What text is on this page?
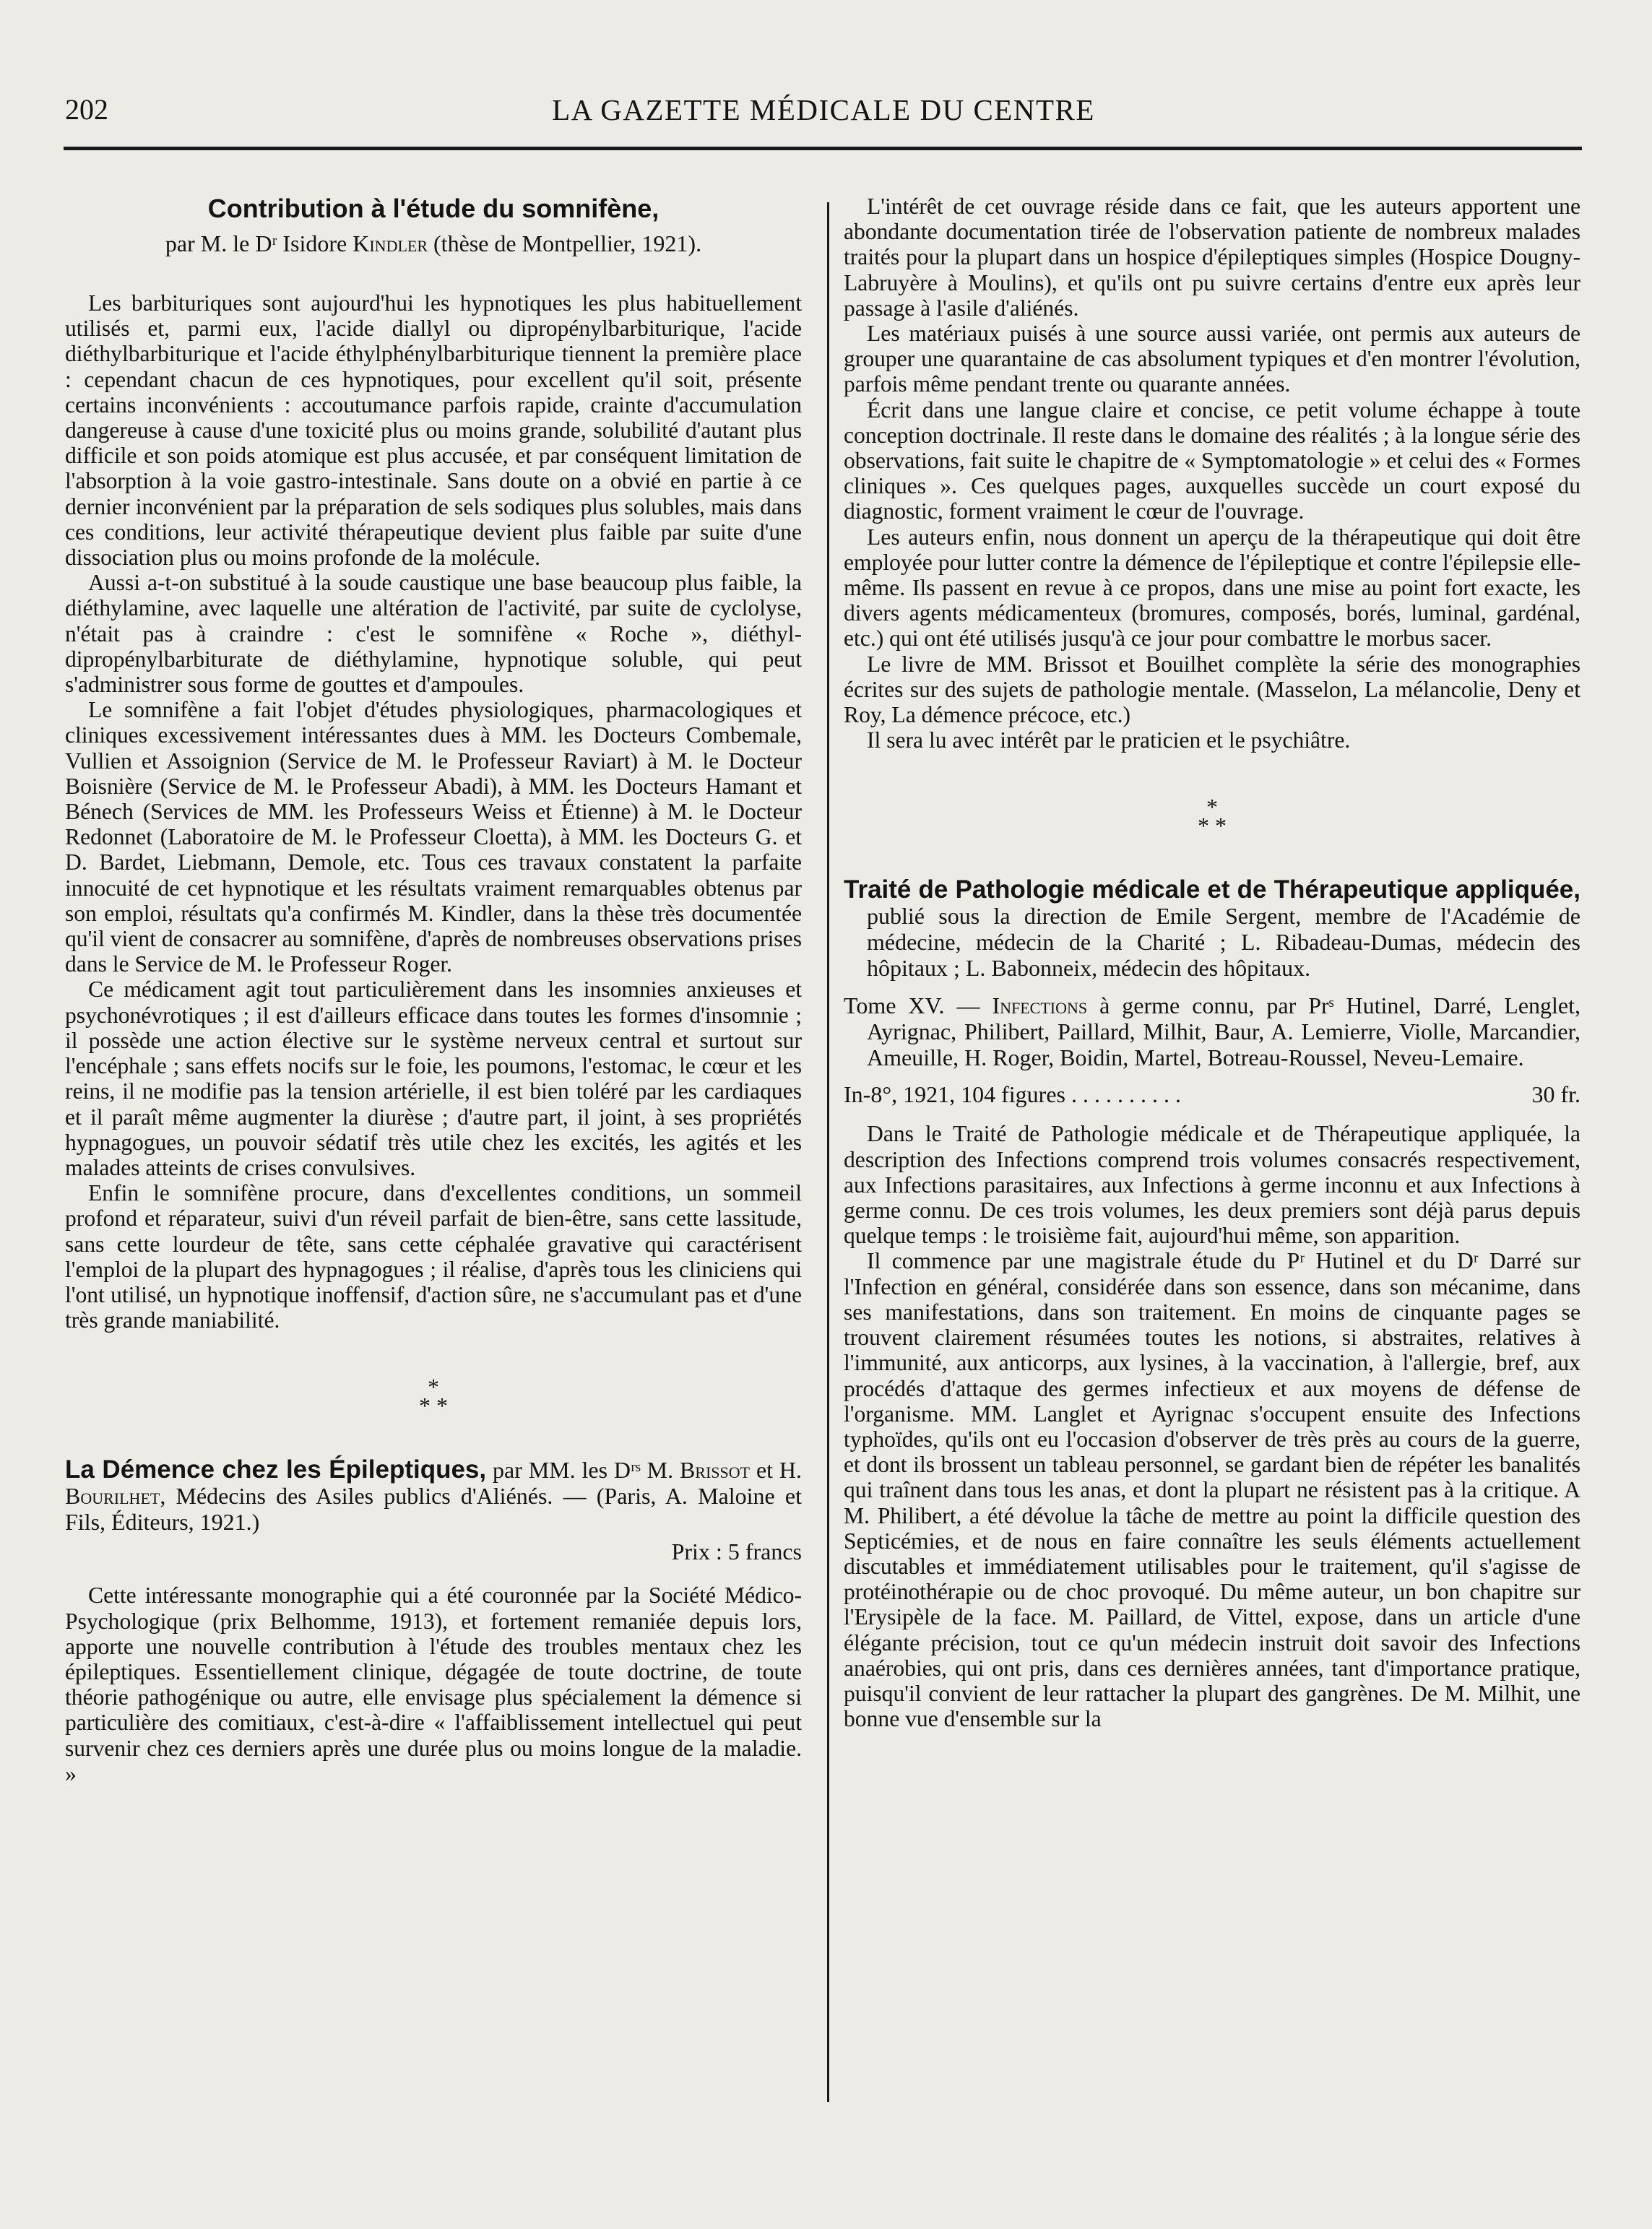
202	LA GAZETTE MÉDICALE DU CENTRE
Contribution à l'étude du somnifène,
par M. le Dʳ Isidore Kindler (thèse de Montpellier, 1921).

Les barbituriques sont aujourd'hui les hypnotiques les plus habituellement utilisés et, parmi eux, l'acide diallyl ou dipropénylbarbiturique, l'acide diéthylbarbiturique et l'acide éthylphénylbarbiturique tiennent la première place : cependant chacun de ces hypnotiques, pour excellent qu'il soit, présente certains inconvénients : accoutumance parfois rapide, crainte d'accumulation dangereuse à cause d'une toxicité plus ou moins grande, solubilité d'autant plus difficile et son poids atomique est plus accusée, et par conséquent limitation de l'absorption à la voie gastro-intestinale. Sans doute on a obvié en partie à ce dernier inconvénient par la préparation de sels sodiques plus solubles, mais dans ces conditions, leur activité thérapeutique devient plus faible par suite d'une dissociation plus ou moins profonde de la molécule.

Aussi a-t-on substitué à la soude caustique une base beaucoup plus faible, la diéthylamine, avec laquelle une altération de l'activité, par suite de cyclolyse, n'était pas à craindre : c'est le somnifène « Roche », diéthyl-dipropénylbarbiturate de diéthylamine, hypnotique soluble, qui peut s'administrer sous forme de gouttes et d'ampoules.

Le somnifène a fait l'objet d'études physiologiques, pharmacologiques et cliniques excessivement intéressantes dues à MM. les Docteurs Combemale, Vullien et Assoignion (Service de M. le Professeur Raviart) à M. le Docteur Boisnière (Service de M. le Professeur Abadi), à MM. les Docteurs Hamant et Bénech (Services de MM. les Professeurs Weiss et Étienne) à M. le Docteur Redonnet (Laboratoire de M. le Professeur Cloetta), à MM. les Docteurs G. et D. Bardet, Liebmann, Demole, etc. Tous ces travaux constatent la parfaite innocuité de cet hypnotique et les résultats vraiment remarquables obtenus par son emploi, résultats qu'a confirmés M. Kindler, dans la thèse très documentée qu'il vient de consacrer au somnifène, d'après de nombreuses observations prises dans le Service de M. le Professeur Roger.

Ce médicament agit tout particulièrement dans les insomnies anxieuses et psychonévrotiques ; il est d'ailleurs efficace dans toutes les formes d'insomnie ; il possède une action élective sur le système nerveux central et surtout sur l'encéphale ; sans effets nocifs sur le foie, les poumons, l'estomac, le cœur et les reins, il ne modifie pas la tension artérielle, il est bien toléré par les cardiaques et il paraît même augmenter la diurèse ; d'autre part, il joint, à ses propriétés hypnagogues, un pouvoir sédatif très utile chez les excités, les agités et les malades atteints de crises convulsives.

Enfin le somnifène procure, dans d'excellentes conditions, un sommeil profond et réparateur, suivi d'un réveil parfait de bien-être, sans cette lassitude, sans cette lourdeur de tête, sans cette céphalée gravative qui caractérisent l'emploi de la plupart des hypnagogues ; il réalise, d'après tous les cliniciens qui l'ont utilisé, un hypnotique inoffensif, d'action sûre, ne s'accumulant pas et d'une très grande maniabilité.

*
* *
La Démence chez les Épileptiques, par MM. les Dʳˢ M. Brissot et H. Bourilhet, Médecins des Asiles publics d'Aliénés. — (Paris, A. Maloine et Fils, Éditeurs, 1921.)
Prix : 5 francs

Cette intéressante monographie qui a été couronnée par la Société Médico-Psychologique (prix Belhomme, 1913), et fortement remaniée depuis lors, apporte une nouvelle contribution à l'étude des troubles mentaux chez les épileptiques. Essentiellement clinique, dégagée de toute doctrine, de toute théorie pathogénique ou autre, elle envisage plus spécialement la démence si particulière des comitiaux, c'est-à-dire « l'affaiblissement intellectuel qui peut survenir chez ces derniers après une durée plus ou moins longue de la maladie. »

L'intérêt de cet ouvrage réside dans ce fait, que les auteurs apportent une abondante documentation tirée de l'observation patiente de nombreux malades traités pour la plupart dans un hospice d'épileptiques simples (Hospice Dougny-Labruyère à Moulins), et qu'ils ont pu suivre certains d'entre eux après leur passage à l'asile d'aliénés.

Les matériaux puisés à une source aussi variée, ont permis aux auteurs de grouper une quarantaine de cas absolument typiques et d'en montrer l'évolution, parfois même pendant trente ou quarante années.

Écrit dans une langue claire et concise, ce petit volume échappe à toute conception doctrinale. Il reste dans le domaine des réalités ; à la longue série des observations, fait suite le chapitre de « Symptomatologie » et celui des « Formes cliniques ». Ces quelques pages, auxquelles succède un court exposé du diagnostic, forment vraiment le cœur de l'ouvrage.

Les auteurs enfin, nous donnent un aperçu de la thérapeutique qui doit être employée pour lutter contre la démence de l'épileptique et contre l'épilepsie elle-même. Ils passent en revue à ce propos, dans une mise au point fort exacte, les divers agents médicamenteux (bromures, composés, borés, luminal, gardénal, etc.) qui ont été utilisés jusqu'à ce jour pour combattre le morbus sacer.

Le livre de MM. Brissot et Bouilhet complète la série des monographies écrites sur des sujets de pathologie mentale. (Masselon, La mélancolie, Deny et Roy, La démence précoce, etc.)

Il sera lu avec intérêt par le praticien et le psychiâtre.

*
* *
Traité de Pathologie médicale et de Thérapeutique appliquée, publié sous la direction de Emile Sergent, membre de l'Académie de médecine, médecin de la Charité ; L. Ribadeau-Dumas, médecin des hôpitaux ; L. Babonneix, médecin des hôpitaux.
Tome XV. — Infections à germe connu, par Prˢ Hutinel, Darré, Lenglet, Ayrignac, Philibert, Paillard, Milhit, Baur, A. Lemierre, Violle, Marcandier, Ameuille, H. Roger, Boidin, Martel, Botreau-Roussel, Neveu-Lemaire.
In-8°, 1921, 104 figures . . . . . . . . . .	30 fr.

Dans le Traité de Pathologie médicale et de Thérapeutique appliquée, la description des Infections comprend trois volumes consacrés respectivement, aux Infections parasitaires, aux Infections à germe inconnu et aux Infections à germe connu. De ces trois volumes, les deux premiers sont déjà parus depuis quelque temps : le troisième fait, aujourd'hui même, son apparition.

Il commence par une magistrale étude du Pʳ Hutinel et du Dʳ Darré sur l'Infection en général, considérée dans son essence, dans son mécanime, dans ses manifestations, dans son traitement. En moins de cinquante pages se trouvent clairement résumées toutes les notions, si abstraites, relatives à l'immunité, aux anticorps, aux lysines, à la vaccination, à l'allergie, bref, aux procédés d'attaque des germes infectieux et aux moyens de défense de l'organisme. MM. Langlet et Ayrignac s'occupent ensuite des Infections typhoïdes, qu'ils ont eu l'occasion d'observer de très près au cours de la guerre, et dont ils brossent un tableau personnel, se gardant bien de répéter les banalités qui traînent dans tous les anas, et dont la plupart ne résistent pas à la critique. A M. Philibert, a été dévolue la tâche de mettre au point la difficile question des Septicémies, et de nous en faire connaître les seuls éléments actuellement discutables et immédiatement utilisables pour le traitement, qu'il s'agisse de protéinothérapie ou de choc provoqué. Du même auteur, un bon chapitre sur l'Erysipèle de la face. M. Paillard, de Vittel, expose, dans un article d'une élégante précision, tout ce qu'un médecin instruit doit savoir des Infections anaérobies, qui ont pris, dans ces dernières années, tant d'importance pratique, puisqu'il convient de leur rattacher la plupart des gangrènes. De M. Milhit, une bonne vue d'ensemble sur la
